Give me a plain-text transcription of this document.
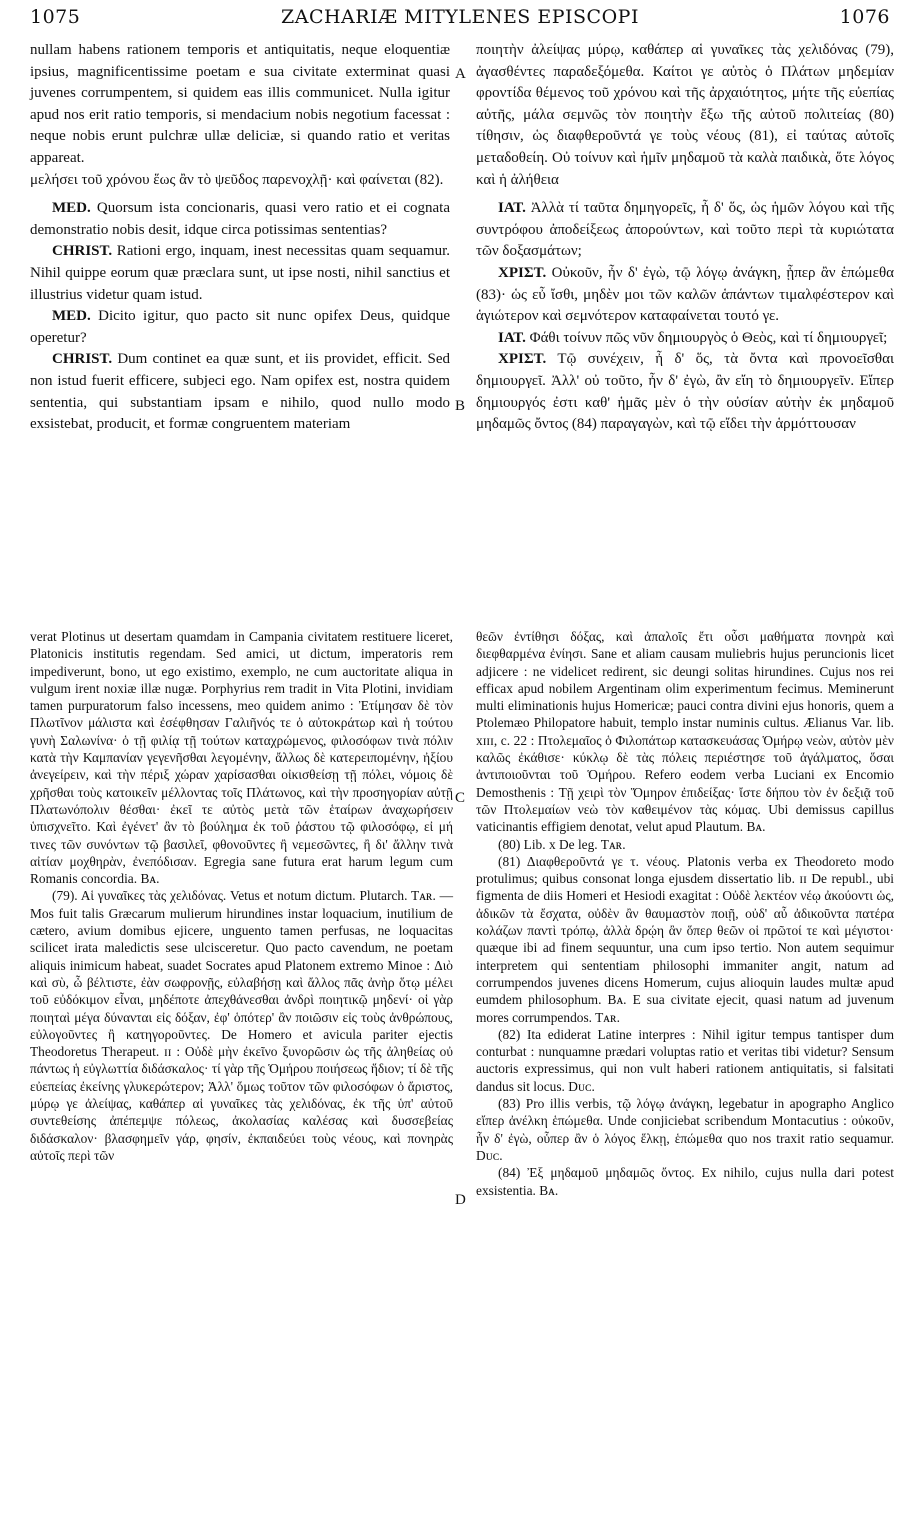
1075	ZACHARIÆ MITYLENES EPISCOPI	1076
A
B
C
D

nullam habens rationem temporis et antiquitatis, neque eloquentiæ ipsius, magnificentissime poetam e sua civitate exterminat quasi juvenes corrumpentem, si quidem eas illis communicet. Nulla igitur apud nos erit ratio temporis, si mendacium nobis negotium facessat : neque nobis erunt pulchræ ullæ deliciæ, si quando ratio et veritas appareat.

μελήσει τοῦ χρόνου ἕως ἂν τὸ ψεῦδος παρενοχλῇ· καὶ φαίνεται (82).

MED. Quorsum ista concionaris, quasi vero ratio et ei cognata demonstratio nobis desit, idque circa potissimas sententias?

CHRIST. Rationi ergo, inquam, inest necessitas quam sequamur. Nihil quippe eorum quæ præclara sunt, ut ipse nosti, nihil sanctius et illustrius videtur quam istud.

MED. Dicito igitur, quo pacto sit nunc opifex Deus, quidque operetur?

CHRIST. Dum continet ea quæ sunt, et iis providet, efficit. Sed non istud fuerit efficere, subjeci ego. Nam opifex est, nostra quidem sententia, qui substantiam ipsam e nihilo, quod nullo modo exsistebat, producit, et formæ congruentem materiam

ποιητὴν ἀλείψας μύρῳ, καθάπερ αἱ γυναῖκες τὰς χελιδόνας (79), ἀγασθέντες παραδεξόμεθα. Καίτοι γε αὐτὸς ὁ Πλάτων μηδεμίαν φροντίδα θέμενος τοῦ χρόνου καὶ τῆς ἀρχαιότητος, μήτε τῆς εὐεπίας αὐτῆς, μάλα σεμνῶς τὸν ποιητὴν ἔξω τῆς αὐτοῦ πολιτείας (80) τίθησιν, ὡς διαφθεροῦντά γε τοὺς νέους (81), εἰ ταύτας αὐτοῖς μεταδοθείη. Οὐ τοίνυν καὶ ἡμῖν μηδαμοῦ τὰ καλὰ παιδικὰ, ὅτε λόγος καὶ ἡ ἀλήθεια

ΙΑΤ. Ἀλλὰ τί ταῦτα δημηγορεῖς, ἦ δ' ὅς, ὡς ἡμῶν λόγου καὶ τῆς συντρόφου ἀποδείξεως ἀπορούντων, καὶ τοῦτο περὶ τὰ κυριώτατα τῶν δοξασμάτων;

ΧΡΙΣΤ. Οὐκοῦν, ἦν δ' ἐγὼ, τῷ λόγῳ ἀνάγκη, ᾗπερ ἂν ἑπώμεθα (83)· ὡς εὖ ἴσθι, μηδὲν μοι τῶν καλῶν ἁπάντων τιμαλφέστερον καὶ ἁγιώτερον καὶ σεμνότερον καταφαίνεται τουτό γε.

ΙΑΤ. Φάθι τοίνυν πῶς νῦν δημιουργὸς ὁ Θεὸς, καὶ τί δημιουργεῖ;

ΧΡΙΣΤ. Τῷ συνέχειν, ἦ δ' ὅς, τὰ ὄντα καὶ προνοεῖσθαι δημιουργεῖ. Ἀλλ' οὐ τοῦτο, ἦν δ' ἐγὼ, ἂν εἴη τὸ δημιουργεῖν. Εἴπερ δημιουργός ἐστι καθ' ἡμᾶς μὲν ὁ τὴν οὐσίαν αὐτὴν ἐκ μηδαμοῦ μηδαμῶς ὄντος (84) παραγαγὼν, καὶ τῷ εἴδει τὴν ἁρμόττουσαν

verat Plotinus ut desertam quamdam in Campania civitatem restituere liceret, Platonicis institutis regendam. Sed amici, ut dictum, imperatoris rem impediverunt, bono, ut ego existimo, exemplo, ne cum auctoritate aliqua in vulgum irent noxiæ illæ nugæ. Porphyrius rem tradit in Vita Plotini, invidiam tamen purpuratorum falso incessens, meo quidem animo : Ἐτίμησαν δὲ τὸν Πλωτῖνον μάλιστα καὶ ἐσέφθησαν Γαλιῆνός τε ὁ αὐτοκράτωρ καὶ ἡ τούτου γυνὴ Σαλωνίνα· ὁ τῇ φιλίᾳ τῇ τούτων καταχρώμενος, φιλοσόφων τινὰ πόλιν κατὰ τὴν Καμπανίαν γεγενῆσθαι λεγομένην, ἄλλως δὲ κατερειπομένην, ἠξίου ἀνεγείρειν, καὶ τὴν πέριξ χώραν χαρίσασθαι οἰκισθείσῃ τῇ πόλει, νόμοις δὲ χρῆσθαι τοὺς κατοικεῖν μέλλοντας τοῖς Πλάτωνος, καὶ τὴν προσηγορίαν αὐτῇ Πλατωνόπολιν θέσθαι· ἐκεῖ τε αὐτὸς μετὰ τῶν ἑταίρων ἀναχωρήσειν ὑπισχνεῖτο. Καὶ ἐγένετ' ἂν τὸ βούλημα ἐκ τοῦ ῥάστου τῷ φιλοσόφῳ, εἰ μή τινες τῶν συνόντων τῷ βασιλεῖ, φθονοῦντες ἢ νεμεσῶντες, ἢ δι' ἄλλην τινὰ αἰτίαν μοχθηρὰν, ἐνεπόδισαν. Egregia sane futura erat harum legum cum Romanis concordia. Bᴀ.

(79). Αἱ γυναῖκες τὰς χελιδόνας. Vetus et notum dictum. Plutarch. Tᴀʀ. — Mos fuit talis Græcarum mulierum hirundines instar loquacium, inutilium de cætero, avium domibus ejicere, unguento tamen perfusas, ne loquacitas scilicet irata maledictis sese ulcisceretur. Quo pacto cavendum, ne poetam aliquis inimicum habeat, suadet Socrates apud Platonem extremo Minoe : Διὸ καὶ σὺ, ὦ βέλτιστε, ἐὰν σωφρονῇς, εὐλαβήσῃ καὶ ἄλλος πᾶς ἀνὴρ ὅτῳ μέλει τοῦ εὐδόκιμον εἶναι, μηδέποτε ἀπεχθάνεσθαι ἀνδρὶ ποιητικῷ μηδενί· οἱ γὰρ ποιηταὶ μέγα δύνανται εἰς δόξαν, ἐφ' ὁπότερ' ἂν ποιῶσιν εἰς τοὺς ἀνθρώπους, εὐλογοῦντες ἢ κατηγοροῦντες. De Homero et avicula pariter ejectis Theodoretus Therapeut. ɪɪ : Οὐδὲ μὴν ἐκεῖνο ξυνορῶσιν ὡς τῆς ἀληθείας οὐ πάντως ἡ εὐγλωττία διδάσκαλος· τί γὰρ τῆς Ὁμήρου ποιήσεως ἥδιον; τί δὲ τῆς εὐεπείας ἐκείνης γλυκερώτερον; Ἀλλ' ὅμως τοῦτον τῶν φιλοσόφων ὁ ἄριστος, μύρῳ γε ἀλείψας, καθάπερ αἱ γυναῖκες τὰς χελιδόνας, ἐκ τῆς ὑπ' αὐτοῦ συντεθείσης ἀπέπεμψε πόλεως, ἀκολασίας καλέσας καὶ δυσσεβείας διδάσκαλον· βλασφημεῖν γάρ, φησίν, ἐκπαιδεύει τοὺς νέους, καὶ πονηρὰς αὐτοῖς περὶ τῶν

θεῶν ἐντίθησι δόξας, καὶ ἁπαλοῖς ἔτι οὖσι μαθήματα πονηρὰ καὶ διεφθαρμένα ἐνίησι. Sane et aliam causam muliebris hujus peruncionis licet adjicere : ne videlicet redirent, sic deungi solitas hirundines. Cujus nos rei efficax apud nobilem Argentinam olim experimentum fecimus. Meminerunt multi eliminationis hujus Homericæ; pauci contra divini ejus honoris, quem a Ptolemæo Philopatore habuit, templo instar numinis cultus. Ælianus Var. lib. xɪɪɪ, c. 22 : Πτολεμαῖος ὁ Φιλοπάτωρ κατασκευάσας Ὁμήρῳ νεὼν, αὐτὸν μὲν καλῶς ἐκάθισε· κύκλῳ δὲ τὰς πόλεις περιέστησε τοῦ ἀγάλματος, ὅσαι ἀντιποιοῦνται τοῦ Ὁμήρου. Refero eodem verba Luciani ex Encomio Demosthenis : Τῇ χειρὶ τὸν Ὅμηρον ἐπιδείξας· ἴστε δήπου τὸν ἐν δεξιᾷ τοῦ τῶν Πτολεμαίων νεὼ τὸν καθειμένον τὰς κόμας. Ubi demissus capillus vaticinantis effigiem denotat, velut apud Plautum. Bᴀ.

(80) Lib. x De leg. Tᴀʀ.

(81) Διαφθεροῦντά γε τ. νέους. Platonis verba ex Theodoreto modo protulimus; quibus consonat longa ejusdem dissertatio lib. ɪɪ De republ., ubi figmenta de diis Homeri et Hesiodi exagitat : Οὐδὲ λεκτέον νέῳ ἀκούοντι ὡς, ἀδικῶν τὰ ἔσχατα, οὐδὲν ἂν θαυμαστὸν ποιῇ, οὐδ' αὖ ἀδικοῦντα πατέρα κολάζων παντὶ τρόπῳ, ἀλλὰ δρῴη ἂν ὅπερ θεῶν οἱ πρῶτοί τε καὶ μέγιστοι· quæque ibi ad finem sequuntur, una cum ipso tertio. Non autem sequimur interpretem qui sententiam philosophi immaniter angit, natum ad corrumpendos juvenes dicens Homerum, cujus alioquin laudes multæ apud eumdem philosophum. Bᴀ. E sua civitate ejecit, quasi natum ad juvenum mores corrumpendos. Tᴀʀ.

(82) Ita ediderat Latine interpres : Nihil igitur tempus tantisper dum conturbat : nunquamne prædari voluptas ratio et veritas tibi videtur? Sensum auctoris expressimus, qui non vult haberi rationem antiquitatis, si falsitati dandus sit locus. Dᴜᴄ.

(83) Pro illis verbis, τῷ λόγῳ ἀνάγκη, legebatur in apographo Anglico εἴπερ ἀνέλκη ἑπώμεθα. Unde conjiciebat scribendum Montacutius : οὐκοῦν, ἦν δ' ἐγὼ, οὗπερ ἂν ὁ λόγος ἕλκῃ, ἑπώμεθα quo nos traxit ratio sequamur. Dᴜᴄ.

(84) Ἐξ μηδαμοῦ μηδαμῶς ὄντος. Ex nihilo, cujus nulla dari potest exsistentia. Bᴀ.
